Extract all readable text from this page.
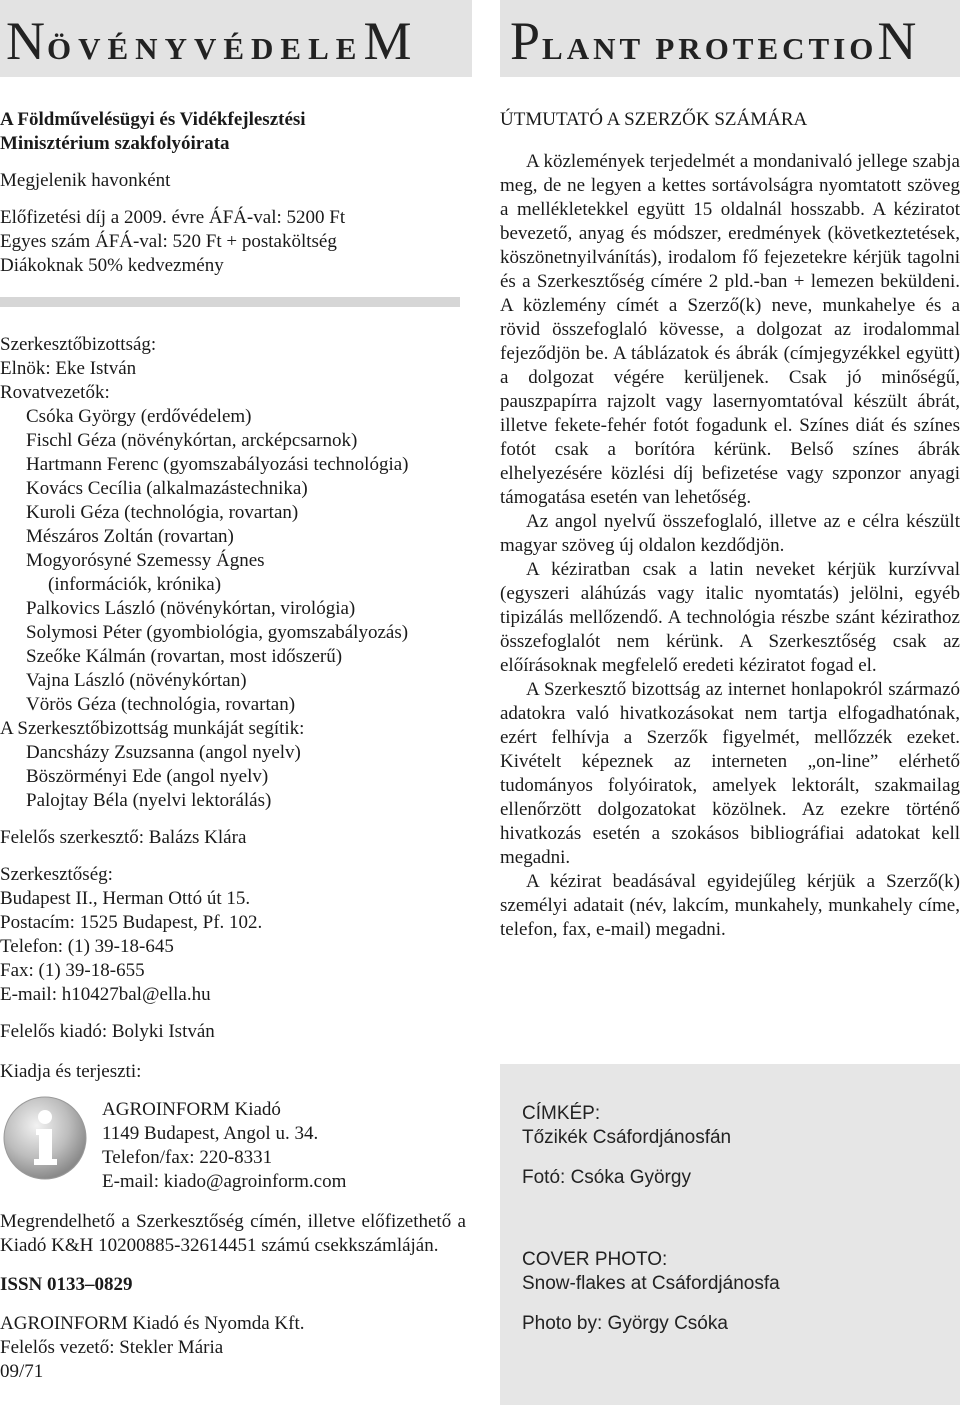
NÖVÉNYVÉDELEM PLANT PROTECTION

A Földművelésügyi és Vidékfejlesztési

Minisztérium szakfolyóirata

Megjelenik havonként

Előfizetési díj a 2009. évre ÁFÁ-val: 5200 Ft

Egyes szám ÁFÁ-val: 520 Ft + postaköltség

Diákoknak 50% kedvezmény

Szerkesztőbizottság:

Elnök: Eke István

Rovatvezetők:

Csóka György (erdővédelem)

Fischl Géza (növénykórtan, arcképcsarnok)

Hartmann Ferenc (gyomszabályozási technológia)

Kovács Cecília (alkalmazástechnika)

Kuroli Géza (technológia, rovartan)

Mészáros Zoltán (rovartan)

Mogyorósyné Szemessy Ágnes (információk, krónika)

Palkovics László (növénykórtan, virológia)

Solymosi Péter (gyombiológia, gyomszabályozás)

Szeőke Kálmán (rovartan, most időszerű)

Vajna László (növénykórtan)

Vörös Géza (technológia, rovartan)

A Szerkesztőbizottság munkáját segítik:

Dancsházy Zsuzsanna (angol nyelv)

Böszörményi Ede (angol nyelv)

Palojtay Béla (nyelvi lektorálás)

Felelős szerkesztő: Balázs Klára

Szerkesztőség:

Budapest II., Herman Ottó út 15.

Postacím: 1525 Budapest, Pf. 102.

Telefon: (1) 39-18-645

Fax: (1) 39-18-655

E-mail: h10427bal@ella.hu

Felelős kiadó: Bolyki István

Kiadja és terjeszti:

AGROINFORM Kiadó

1149 Budapest, Angol u. 34.

Telefon/fax: 220-8331

E-mail: kiado@agroinform.com

Megrendelhető a Szerkesztőség címén, illetve előfizethető a Kiadó K&H 10200885-32614451 számú csekkszámláján.

ISSN 0133–0829

AGROINFORM Kiadó és Nyomda Kft.

Felelős vezető: Stekler Mária

09/71

ÚTMUTATÓ A SZERZŐK SZÁMÁRA

A közlemények terjedelmét a mondanivaló jellege szabja meg, de ne legyen a kettes sortávolságra nyomtatott szöveg a mellékletekkel együtt 15 oldalnál hosszabb. A kéziratot bevezető, anyag és módszer, eredmények (következtetések, köszönetnyilvánítás), irodalom fő fejezetekre kérjük tagolni és a Szerkesztőség címére 2 pld.-ban + lemezen beküldeni. A közlemény címét a Szerző(k) neve, munkahelye és a rövid összefoglaló kövesse, a dolgozat az irodalommal fejeződjön be. A táblázatok és ábrák (címjegyzékkel együtt) a dolgozat végére kerüljenek. Csak jó minőségű, pauszpapírra rajzolt vagy lasernyomtatóval készült ábrát, illetve fekete-fehér fotót fogadunk el. Színes diát és színes fotót csak a borítóra kérünk. Belső színes ábrák elhelyezésére közlési díj befizetése vagy szponzor anyagi támogatása esetén van lehetőség.

Az angol nyelvű összefoglaló, illetve az e célra készült magyar szöveg új oldalon kezdődjön.

A kéziratban csak a latin neveket kérjük kurzívval (egyszeri aláhúzás vagy italic nyomtatás) jelölni, egyéb tipizálás mellőzendő. A technológia részbe szánt kézirathoz összefoglalót nem kérünk. A Szerkesztőség csak az előírásoknak megfelelő eredeti kéziratot fogad el.

A Szerkesztő bizottság az internet honlapokról származó adatokra való hivatkozásokat nem tartja elfogadhatónak, ezért felhívja a Szerzők figyelmét, mellőzzék ezeket. Kivételt képeznek az interneten „on-line” elérhető tudományos folyóiratok, amelyek lektorált, szakmailag ellenőrzött dolgozatokat közölnek. Az ezekre történő hivatkozás esetén a szokásos bibliográfiai adatokat kell megadni.

A kézirat beadásával egyidejűleg kérjük a Szerző(k) személyi adatait (név, lakcím, munkahely, munkahely címe, telefon, fax, e-mail) megadni.

CÍMKÉP:

Tőzikék Csáfordjánosfán

Fotó: Csóka György

COVER PHOTO:

Snow-flakes at Csáfordjánosfa

Photo by: György Csóka
